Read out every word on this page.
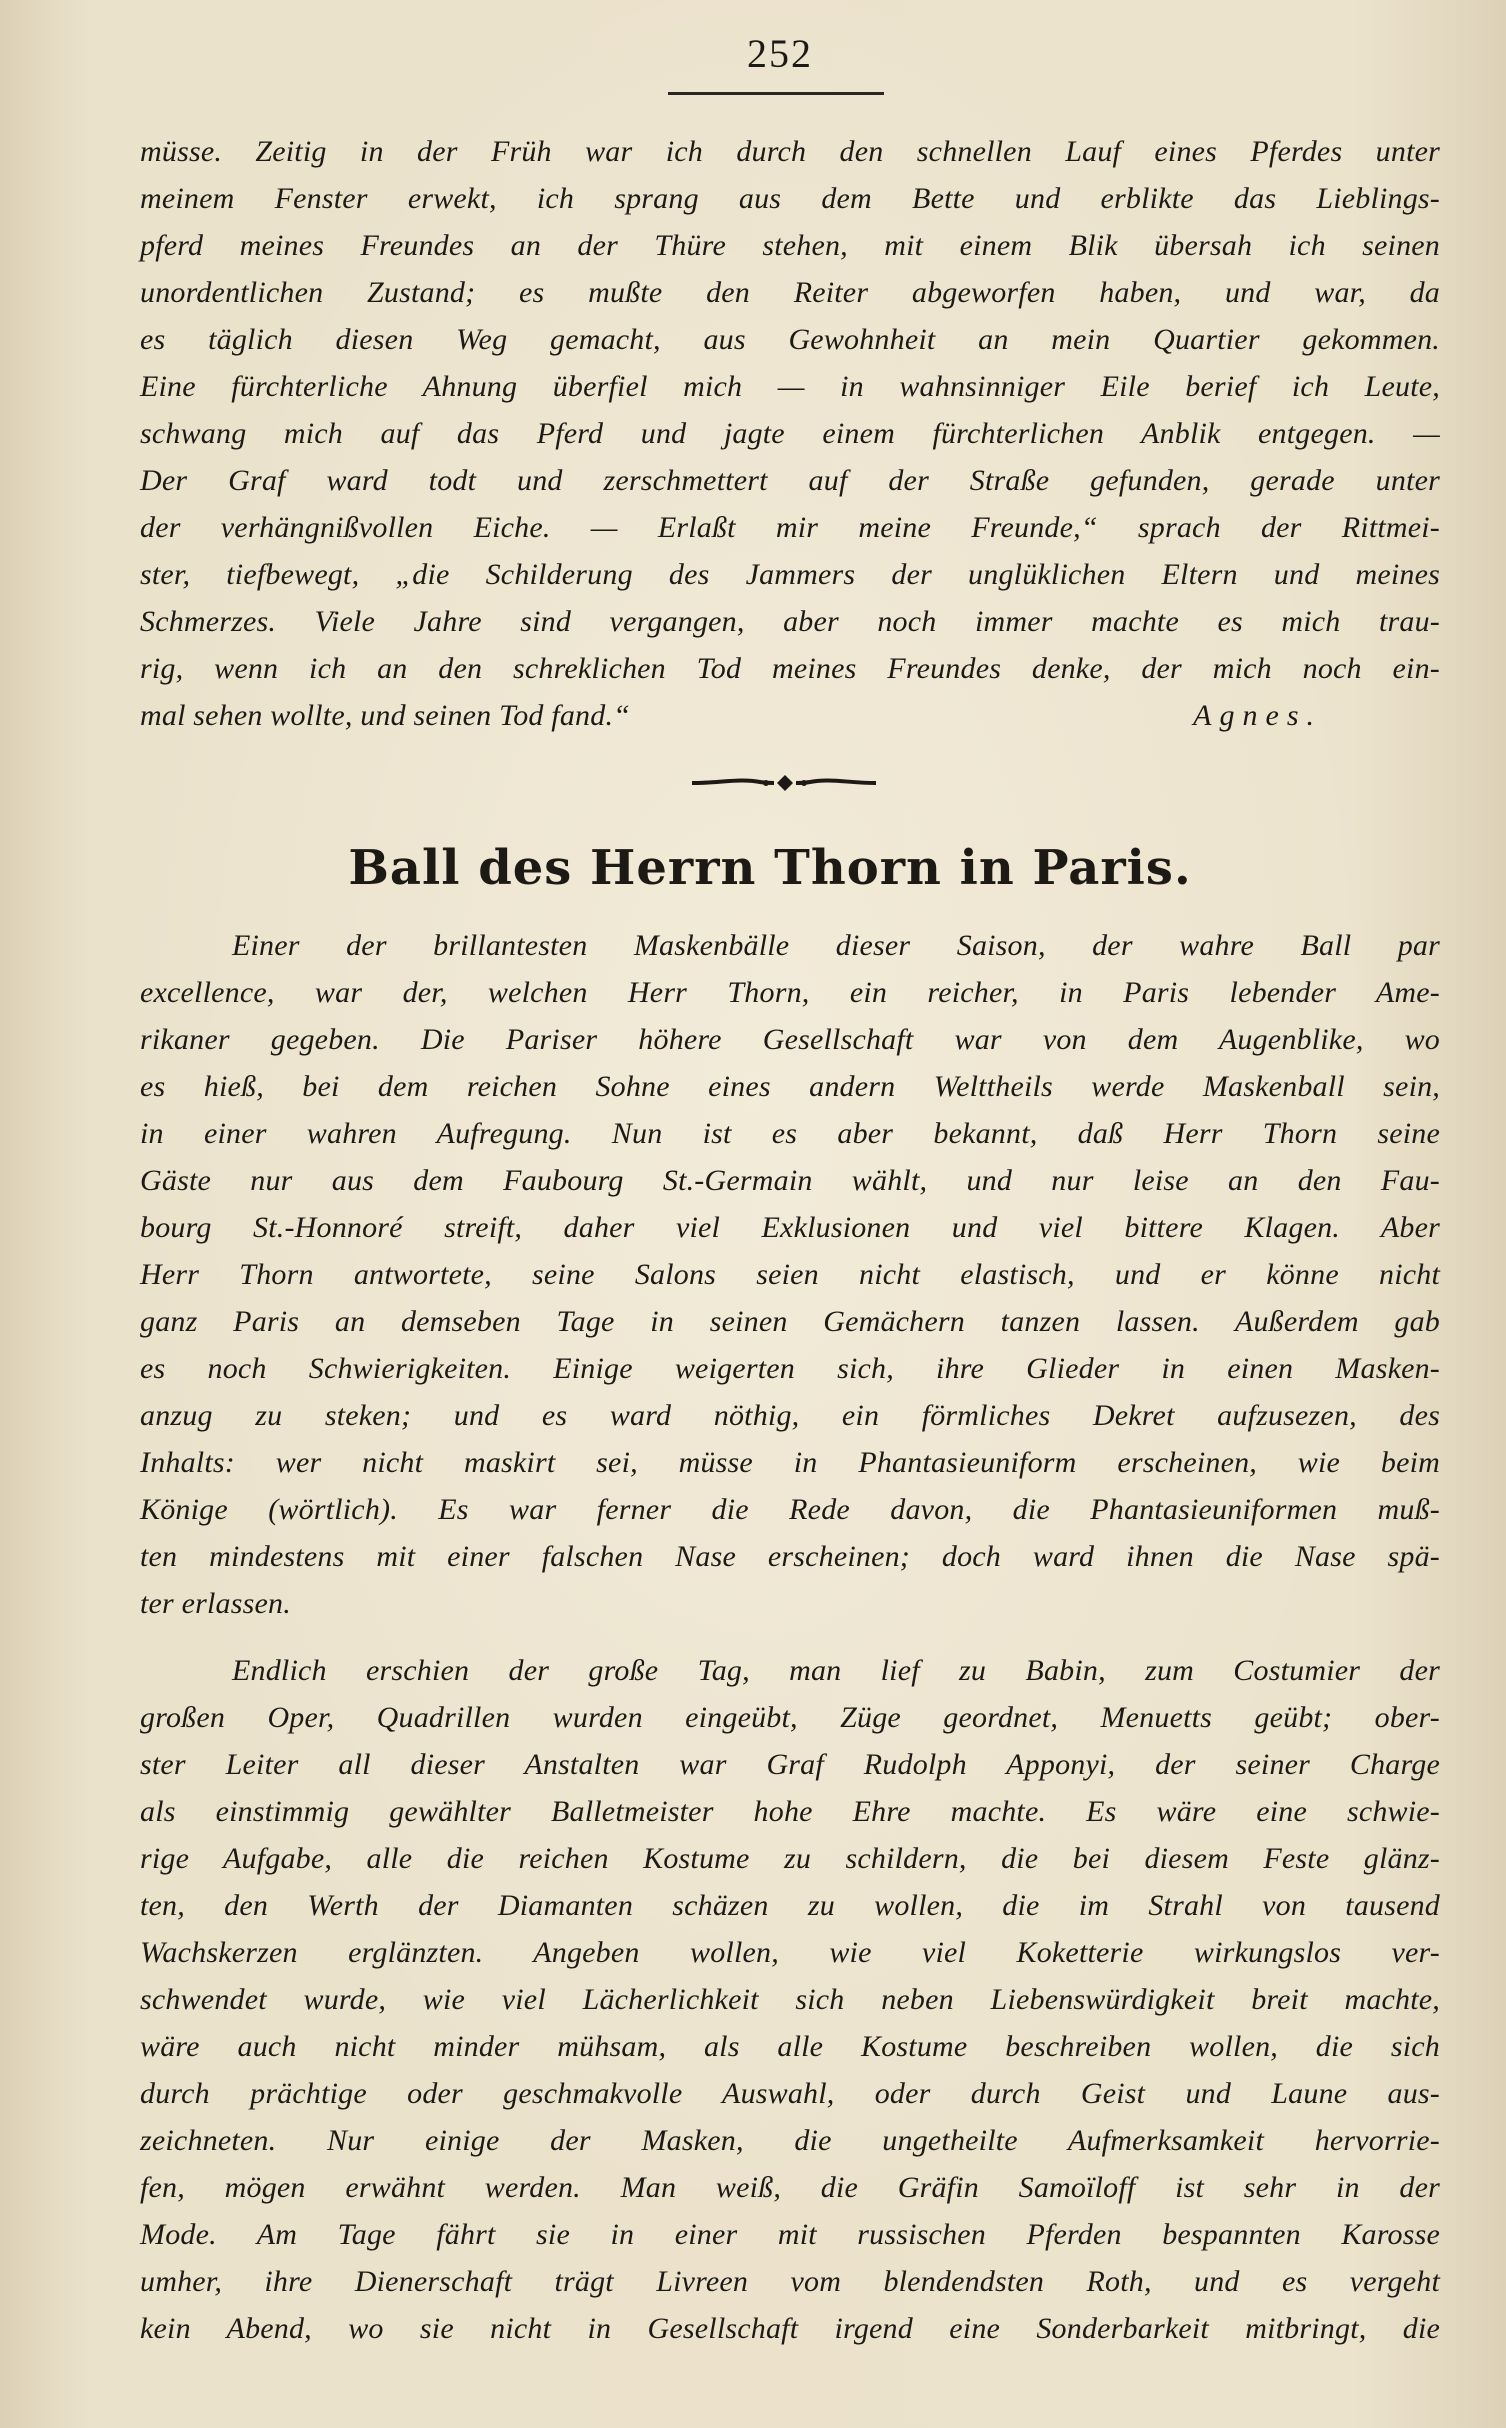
252
müsse. Zeitig in der Früh war ich durch den schnellen Lauf eines Pferdes unter
meinem Fenster erwekt, ich sprang aus dem Bette und erblikte das Lieblings-
pferd meines Freundes an der Thüre stehen, mit einem Blik übersah ich seinen
unordentlichen Zustand; es mußte den Reiter abgeworfen haben, und war, da
es täglich diesen Weg gemacht, aus Gewohnheit an mein Quartier gekommen.
Eine fürchterliche Ahnung überfiel mich — in wahnsinniger Eile berief ich Leute,
schwang mich auf das Pferd und jagte einem fürchterlichen Anblik entgegen. —
Der Graf ward todt und zerschmettert auf der Straße gefunden, gerade unter
der verhängnißvollen Eiche. — Erlaßt mir meine Freunde,“ sprach der Rittmei-
ster, tiefbewegt, „die Schilderung des Jammers der unglüklichen Eltern und meines
Schmerzes. Viele Jahre sind vergangen, aber noch immer machte es mich trau-
rig, wenn ich an den schreklichen Tod meines Freundes denke, der mich noch ein-
mal sehen wollte, und seinen Tod fand.“	Agnes.
Ball des Herrn Thorn in Paris.
Einer der brillantesten Maskenbälle dieser Saison, der wahre Ball par
excellence, war der, welchen Herr Thorn, ein reicher, in Paris lebender Ame-
rikaner gegeben. Die Pariser höhere Gesellschaft war von dem Augenblike, wo
es hieß, bei dem reichen Sohne eines andern Welttheils werde Maskenball sein,
in einer wahren Aufregung. Nun ist es aber bekannt, daß Herr Thorn seine
Gäste nur aus dem Faubourg St.-Germain wählt, und nur leise an den Fau-
bourg St.-Honnoré streift, daher viel Exklusionen und viel bittere Klagen. Aber
Herr Thorn antwortete, seine Salons seien nicht elastisch, und er könne nicht
ganz Paris an demseben Tage in seinen Gemächern tanzen lassen. Außerdem gab
es noch Schwierigkeiten. Einige weigerten sich, ihre Glieder in einen Masken-
anzug zu steken; und es ward nöthig, ein förmliches Dekret aufzusezen, des
Inhalts: wer nicht maskirt sei, müsse in Phantasieuniform erscheinen, wie beim
Könige (wörtlich). Es war ferner die Rede davon, die Phantasieuniformen muß-
ten mindestens mit einer falschen Nase erscheinen; doch ward ihnen die Nase spä-
ter erlassen.
Endlich erschien der große Tag, man lief zu Babin, zum Costumier der
großen Oper, Quadrillen wurden eingeübt, Züge geordnet, Menuetts geübt; ober-
ster Leiter all dieser Anstalten war Graf Rudolph Apponyi, der seiner Charge
als einstimmig gewählter Balletmeister hohe Ehre machte. Es wäre eine schwie-
rige Aufgabe, alle die reichen Kostume zu schildern, die bei diesem Feste glänz-
ten, den Werth der Diamanten schäzen zu wollen, die im Strahl von tausend
Wachskerzen erglänzten. Angeben wollen, wie viel Koketterie wirkungslos ver-
schwendet wurde, wie viel Lächerlichkeit sich neben Liebenswürdigkeit breit machte,
wäre auch nicht minder mühsam, als alle Kostume beschreiben wollen, die sich
durch prächtige oder geschmakvolle Auswahl, oder durch Geist und Laune aus-
zeichneten. Nur einige der Masken, die ungetheilte Aufmerksamkeit hervorrie-
fen, mögen erwähnt werden. Man weiß, die Gräfin Samoïloff ist sehr in der
Mode. Am Tage fährt sie in einer mit russischen Pferden bespannten Karosse
umher, ihre Dienerschaft trägt Livreen vom blendendsten Roth, und es vergeht
kein Abend, wo sie nicht in Gesellschaft irgend eine Sonderbarkeit mitbringt, die
